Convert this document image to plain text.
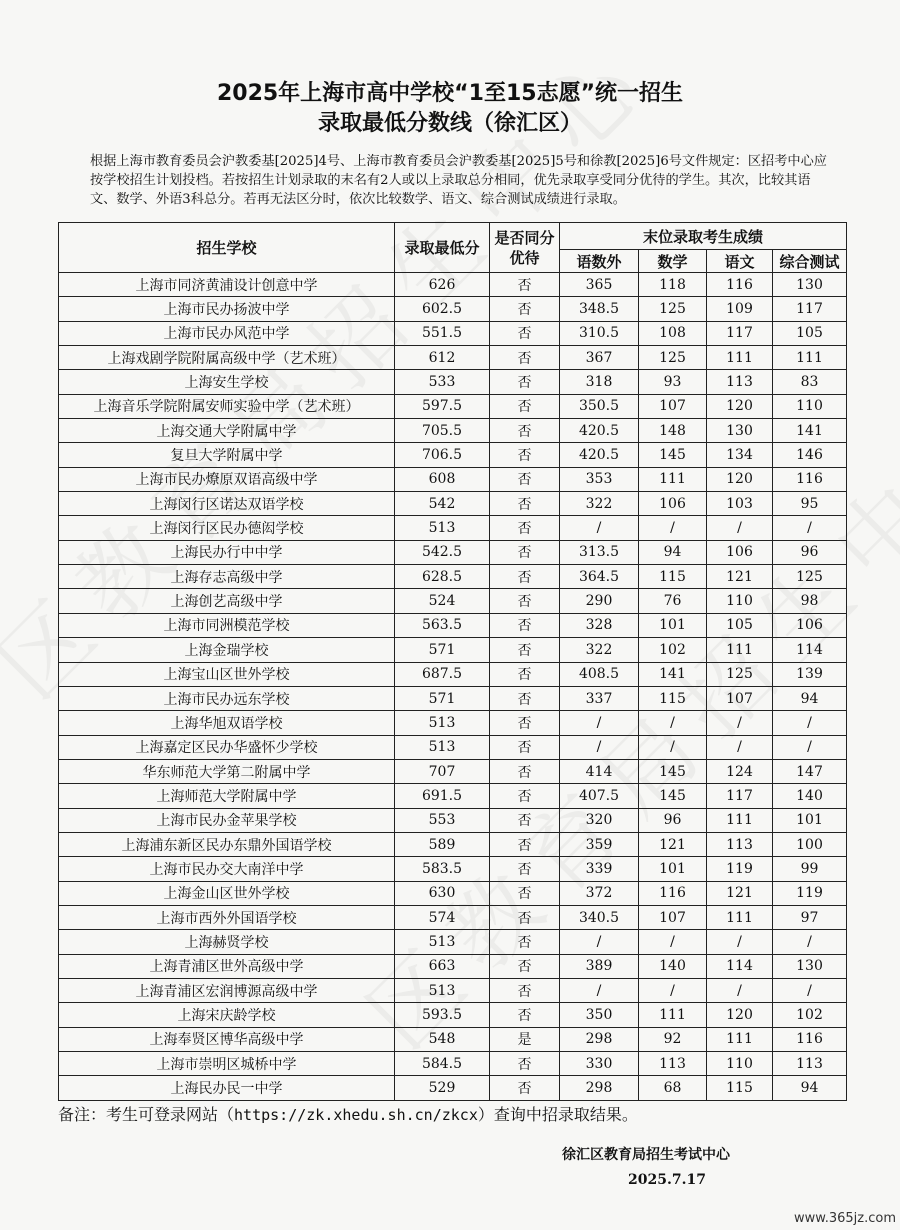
2025年上海市高中学校“1至15志愿”统一招生
录取最低分数线（徐汇区）
根据上海市教育委员会沪教委基[2025]4号、上海市教育委员会沪教委基[2025]5号和徐教[2025]6号文件规定：区招考中心应按学校招生计划投档。若按招生计划录取的末名有2人或以上录取总分相同，优先录取享受同分优待的学生。其次，比较其语文、数学、外语3科总分。若再无法区分时，依次比较数学、语文、综合测试成绩进行录取。
招生学校	录取最低分	是否同分优待	末位录取考生成绩			
			语数外	数学	语文	综合测试
上海市同济黄浦设计创意中学	626	否	365	118	116	130
上海市民办扬波中学	602.5	否	348.5	125	109	117
上海市民办风范中学	551.5	否	310.5	108	117	105
上海戏剧学院附属高级中学（艺术班）	612	否	367	125	111	111
上海安生学校	533	否	318	93	113	83
上海音乐学院附属安师实验中学（艺术班）	597.5	否	350.5	107	120	110
上海交通大学附属中学	705.5	否	420.5	148	130	141
复旦大学附属中学	706.5	否	420.5	145	134	146
上海市民办燎原双语高级中学	608	否	353	111	120	116
上海闵行区诺达双语学校	542	否	322	106	103	95
上海闵行区民办德闳学校	513	否	/	/	/	/
上海民办行中中学	542.5	否	313.5	94	106	96
上海存志高级中学	628.5	否	364.5	115	121	125
上海创艺高级中学	524	否	290	76	110	98
上海市同洲模范学校	563.5	否	328	101	105	106
上海金瑞学校	571	否	322	102	111	114
上海宝山区世外学校	687.5	否	408.5	141	125	139
上海市民办远东学校	571	否	337	115	107	94
上海华旭双语学校	513	否	/	/	/	/
上海嘉定区民办华盛怀少学校	513	否	/	/	/	/
华东师范大学第二附属中学	707	否	414	145	124	147
上海师范大学附属中学	691.5	否	407.5	145	117	140
上海市民办金苹果学校	553	否	320	96	111	101
上海浦东新区民办东鼎外国语学校	589	否	359	121	113	100
上海市民办交大南洋中学	583.5	否	339	101	119	99
上海金山区世外学校	630	否	372	116	121	119
上海市西外外国语学校	574	否	340.5	107	111	97
上海赫贤学校	513	否	/	/	/	/
上海青浦区世外高级中学	663	否	389	140	114	130
上海青浦区宏润博源高级中学	513	否	/	/	/	/
上海宋庆龄学校	593.5	否	350	111	120	102
上海奉贤区博华高级中学	548	是	298	92	111	116
上海市崇明区城桥中学	584.5	否	330	113	110	113
上海民办民一中学	529	否	298	68	115	94
备注：考生可登录网站（https://zk.xhedu.sh.cn/zkcx）查询中招录取结果。
徐汇区教育局招生考试中心
2025.7.17
www.365jz.com
